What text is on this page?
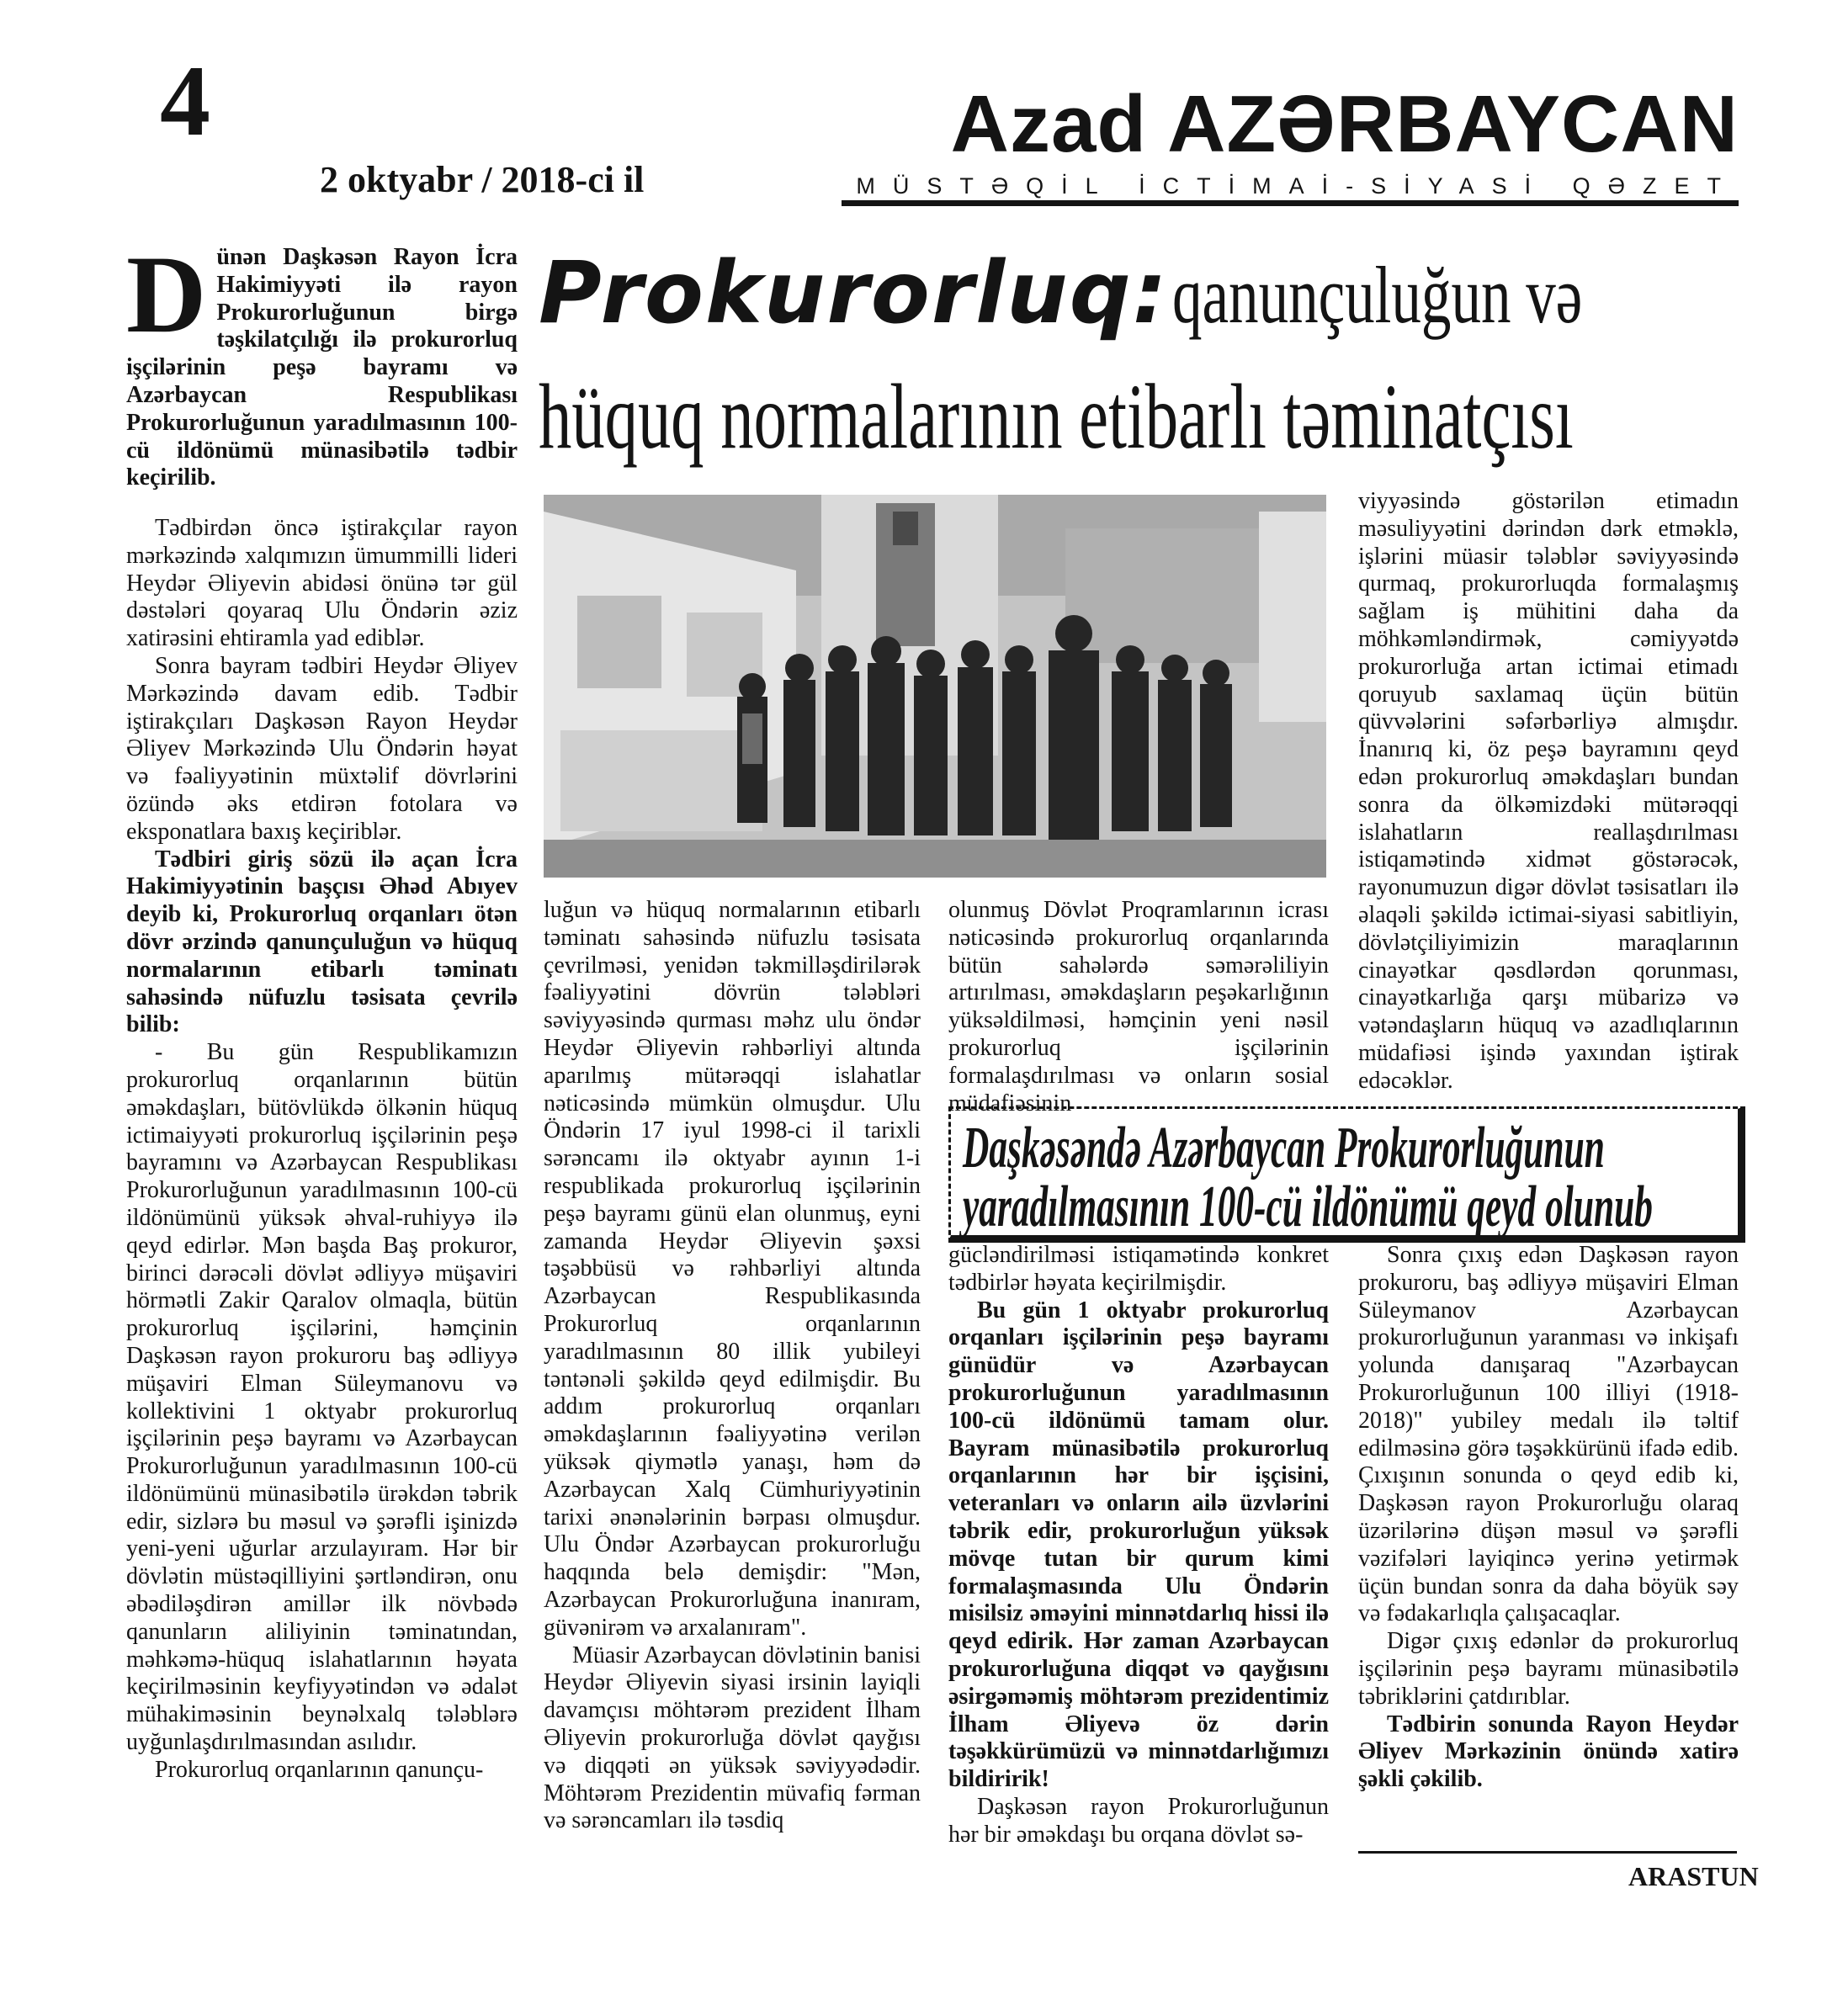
4
2 oktyabr / 2018-ci il
Azad AZƏRBAYCAN
MÜSTƏQİL İCTİMAİ-SİYASİ QƏZET
Prokurorluq: qanunçuluğun və
hüquq normalarının etibarlı təminatçısı
D ünən Daşkəsən Rayon İcra Hakimiyyəti ilə rayon Prokurorluğunun birgə təşkilatçılığı ilə prokurorluq işçilərinin peşə bayramı və Azərbaycan Respublikası Prokurorluğunun yaradılmasının 100-cü ildönümü münasibətilə tədbir keçirilib.

Tədbirdən öncə iştirakçılar rayon mərkəzində xalqımızın ümummilli lideri Heydər Əliyevin abidəsi önünə tər gül dəstələri qoyaraq Ulu Öndərin əziz xatirəsini ehtiramla yad ediblər.

Sonra bayram tədbiri Heydər Əliyev Mərkəzində davam edib. Tədbir iştirakçıları Daşkəsən Rayon Heydər Əliyev Mərkəzində Ulu Öndərin həyat və fəaliyyətinin müxtəlif dövrlərini özündə əks etdirən fotolara və eksponatlara baxış keçiriblər.

Tədbiri giriş sözü ilə açan İcra Hakimiyyətinin başçısı Əhəd Abıyev deyib ki, Prokurorluq orqanları ötən dövr ərzində qanunçuluğun və hüquq normalarının etibarlı təminatı sahəsində nüfuzlu təsisata çevrilə bilib:

- Bu gün Respublikamızın prokurorluq orqanlarının bütün əməkdaşları, bütövlükdə ölkənin hüquq ictimaiyyəti prokurorluq işçilərinin peşə bayramını və Azərbaycan Respublikası Prokurorluğunun yaradılmasının 100-cü ildönümünü yüksək əhval-ruhiyyə ilə qeyd edirlər. Mən başda Baş prokuror, birinci dərəcəli dövlət ədliyyə müşaviri hörmətli Zakir Qaralov olmaqla, bütün prokurorluq işçilərini, həmçinin Daşkəsən rayon prokuroru baş ədliyyə müşaviri Elman Süleymanovu və kollektivini 1 oktyabr prokurorluq işçilərinin peşə bayramı və Azərbaycan Prokurorluğunun yaradılmasının 100-cü ildönümünü münasibətilə ürəkdən təbrik edir, sizlərə bu məsul və şərəfli işinizdə yeni-yeni uğurlar arzulayıram. Hər bir dövlətin müstəqilliyini şərtləndirən, onu əbədiləşdirən amillər ilk növbədə qanunların aliliyinin təminatından, məhkəmə-hüquq islahatlarının həyata keçirilməsinin keyfiyyətindən və ədalət mühakiməsinin beynəlxalq tələblərə uyğunlaşdırılmasından asılıdır.

Prokurorluq orqanlarının qanunçu-

luğun və hüquq normalarının etibarlı təminatı sahəsində nüfuzlu təsisata çevrilməsi, yenidən təkmilləşdirilərək fəaliyyətini dövrün tələbləri səviyyəsində qurması məhz ulu öndər Heydər Əliyevin rəhbərliyi altında aparılmış mütərəqqi islahatlar nəticəsində mümkün olmuşdur. Ulu Öndərin 17 iyul 1998-ci il tarixli sərəncamı ilə oktyabr ayının 1-i respublikada prokurorluq işçilərinin peşə bayramı günü elan olunmuş, eyni zamanda Heydər Əliyevin şəxsi təşəbbüsü və rəhbərliyi altında Azərbaycan Respublikasında Prokurorluq orqanlarının yaradılmasının 80 illik yubileyi təntənəli şəkildə qeyd edilmişdir. Bu addım prokurorluq orqanları əməkdaşlarının fəaliyyətinə verilən yüksək qiymətlə yanaşı, həm də Azərbaycan Xalq Cümhuriyyətinin tarixi ənənələrinin bərpası olmuşdur. Ulu Öndər Azərbaycan prokurorluğu haqqında belə demişdir: "Mən, Azərbaycan Prokurorluğuna inanıram, güvənirəm və arxalanıram".

Müasir Azərbaycan dövlətinin banisi Heydər Əliyevin siyasi irsinin layiqli davamçısı möhtərəm prezident İlham Əliyevin prokurorluğa dövlət qayğısı və diqqəti ən yüksək səviyyədədir. Möhtərəm Prezidentin müvafiq fərman və sərəncamları ilə təsdiq

olunmuş Dövlət Proqramlarının icrası nəticəsində prokurorluq orqanlarında bütün sahələrdə səmərəliliyin artırılması, əməkdaşların peşəkarlığının yüksəldilməsi, həmçinin yeni nəsil prokurorluq işçilərinin formalaşdırılması və onların sosial müdafiəsinin

viyyəsində göstərilən etimadın məsuliyyətini dərindən dərk etməklə, işlərini müasir tələblər səviyyəsində qurmaq, prokurorluqda formalaşmış sağlam iş mühitini daha da möhkəmləndirmək, cəmiyyətdə prokurorluğa artan ictimai etimadı qoruyub saxlamaq üçün bütün qüvvələrini səfərbərliyə almışdır. İnanırıq ki, öz peşə bayramını qeyd edən prokurorluq əməkdaşları bundan sonra da ölkəmizdəki mütərəqqi islahatların reallaşdırılması istiqamətində xidmət göstərəcək, rayonumuzun digər dövlət təsisatları ilə əlaqəli şəkildə ictimai-siyasi sabitliyin, dövlətçiliyimizin maraqlarının cinayətkar qəsdlərdən qorunması, cinayətkarlığa qarşı mübarizə və vətəndaşların hüquq və azadlıqlarının müdafiəsi işində yaxından iştirak edəcəklər.

Daşkəsəndə Azərbaycan Prokurorluğunun
yaradılmasının 100-cü ildönümü qeyd olunub

gücləndirilməsi istiqamətində konkret tədbirlər həyata keçirilmişdir.

Bu gün 1 oktyabr prokurorluq orqanları işçilərinin peşə bayramı günüdür və Azərbaycan prokurorluğunun yaradılmasının 100-cü ildönümü tamam olur. Bayram münasibətilə prokurorluq orqanlarının hər bir işçisini, veteranları və onların ailə üzvlərini təbrik edir, prokurorluğun yüksək mövqe tutan bir qurum kimi formalaşmasında Ulu Öndərin misilsiz əməyini minnətdarlıq hissi ilə qeyd edirik. Hər zaman Azərbaycan prokurorluğuna diqqət və qayğısını əsirgəməmiş möhtərəm prezidentimiz İlham Əliyevə öz dərin təşəkkürümüzü və minnətdarlığımızı bildiririk!

Daşkəsən rayon Prokurorluğunun hər bir əməkdaşı bu orqana dövlət sə-

Sonra çıxış edən Daşkəsən rayon prokuroru, baş ədliyyə müşaviri Elman Süleymanov Azərbaycan prokurorluğunun yaranması və inkişafı yolunda danışaraq "Azərbaycan Prokurorluğunun 100 illiyi (1918-2018)" yubiley medalı ilə təltif edilməsinə görə təşəkkürünü ifadə edib. Çıxışının sonunda o qeyd edib ki, Daşkəsən rayon Prokurorluğu olaraq üzərilərinə düşən məsul və şərəfli vəzifələri layiqincə yerinə yetirmək üçün bundan sonra da daha böyük səy və fədakarlıqla çalışacaqlar.

Digər çıxış edənlər də prokurorluq işçilərinin peşə bayramı münasibətilə təbriklərini çatdırıblar.

Tədbirin sonunda Rayon Heydər Əliyev Mərkəzinin önündə xatirə şəkli çəkilib.

ARASTUN
